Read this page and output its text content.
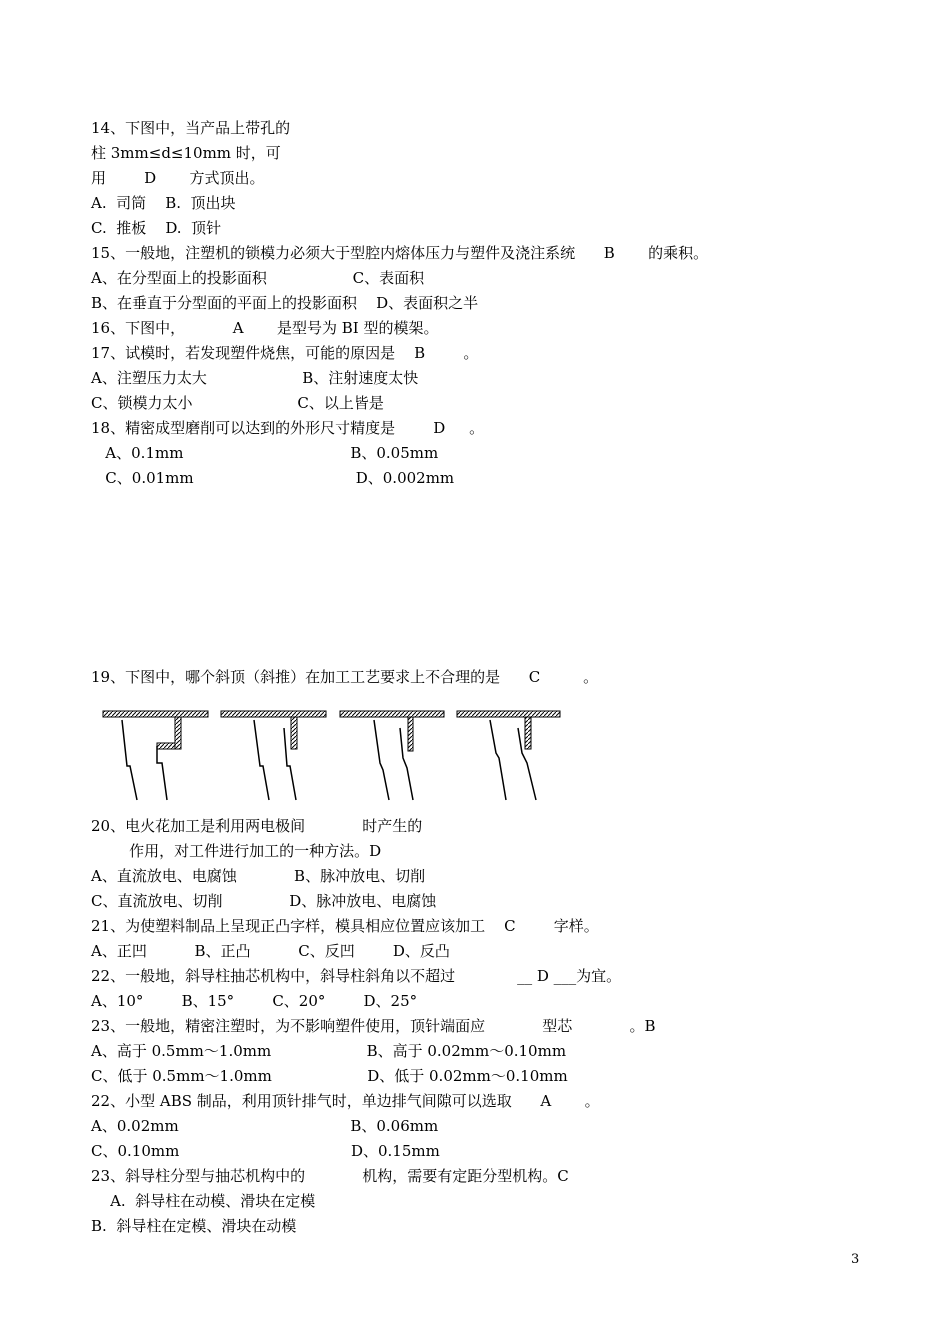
14、下图中，当产品上带孔的
柱 3mm≤d≤10mm 时，可
用        D       方式顶出。
A.  司筒    B.  顶出块
C.  推板    D.  顶针
15、一般地，注塑机的锁模力必须大于型腔内熔体压力与塑件及浇注系统      B       的乘积。
A、在分型面上的投影面积                  C、表面积
B、在垂直于分型面的平面上的投影面积    D、表面积之半
16、下图中，          A       是型号为 BI 型的模架。
17、试模时，若发现塑件烧焦，可能的原因是    B        。
A、注塑压力太大                    B、注射速度太快
C、锁模力太小                      C、以上皆是
18、精密成型磨削可以达到的外形尺寸精度是        D     。
A、0.1mm                                   B、0.05mm
C、0.01mm                                  D、0.002mm
19、下图中，哪个斜顶（斜推）在加工工艺要求上不合理的是      C         。
20、电火花加工是利用两电极间            时产生的
作用，对工件进行加工的一种方法。D
A、直流放电、电腐蚀            B、脉冲放电、切削
C、直流放电、切削              D、脉冲放电、电腐蚀
21、为使塑料制品上呈现正凸字样，模具相应位置应该加工    C        字样。
A、正凹          B、正凸          C、反凹        D、反凸
22、一般地，斜导柱抽芯机构中，斜导柱斜角以不超过             __ D ___为宜。
A、10°        B、15°        C、20°        D、25°
23、一般地，精密注塑时，为不影响塑件使用，顶针端面应            型芯            。B
A、高于 0.5mm～1.0mm                    B、高于 0.02mm～0.10mm
C、低于 0.5mm～1.0mm                    D、低于 0.02mm～0.10mm
22、小型 ABS 制品，利用顶针排气时，单边排气间隙可以选取      A       。
A、0.02mm                                    B、0.06mm
C、0.10mm                                    D、0.15mm
23、斜导柱分型与抽芯机构中的            机构，需要有定距分型机构。C
A.  斜导柱在动模、滑块在定模
B.  斜导柱在定模、滑块在动模
3
